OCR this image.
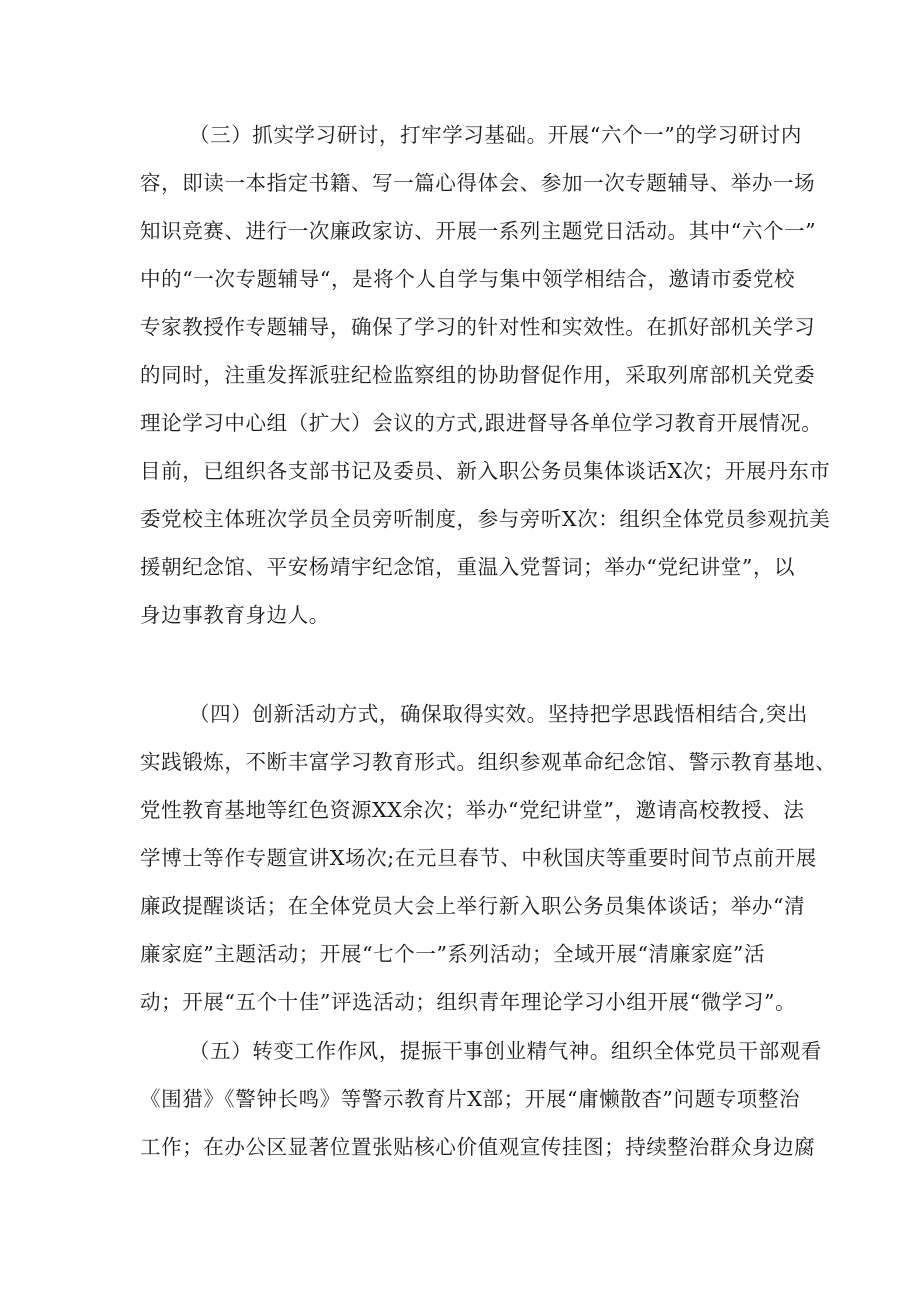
（三）抓实学习研讨，打牢学习基础。开展“六个一”的学习研讨内
容，即读一本指定书籍、写一篇心得体会、参加一次专题辅导、举办一场
知识竞赛、进行一次廉政家访、开展一系列主题党日活动。其中“六个一”
中的“一次专题辅导“，是将个人自学与集中领学相结合，邀请市委党校
专家教授作专题辅导，确保了学习的针对性和实效性。在抓好部机关学习
的同时，注重发挥派驻纪检监察组的协助督促作用，采取列席部机关党委
理论学习中心组（扩大）会议的方式,跟进督导各单位学习教育开展情况。
目前，已组织各支部书记及委员、新入职公务员集体谈话X次；开展丹东市
委党校主体班次学员全员旁听制度，参与旁听X次：组织全体党员参观抗美
援朝纪念馆、平安杨靖宇纪念馆，重温入党誓词；举办“党纪讲堂”，以
身边事教育身边人。
（四）创新活动方式，确保取得实效。坚持把学思践悟相结合,突出
实践锻炼，不断丰富学习教育形式。组织参观革命纪念馆、警示教育基地、
党性教育基地等红色资源XX余次；举办“党纪讲堂”，邀请高校教授、法
学博士等作专题宣讲X场次;在元旦春节、中秋国庆等重要时间节点前开展
廉政提醒谈话；在全体党员大会上举行新入职公务员集体谈话；举办“清
廉家庭”主题活动；开展“七个一”系列活动；全域开展“清廉家庭”活
动；开展“五个十佳”评选活动；组织青年理论学习小组开展“微学习”。
（五）转变工作作风，提振干事创业精气神。组织全体党员干部观看
《围猎》《警钟长鸣》等警示教育片X部；开展“庸懒散杳”问题专项整治
工作；在办公区显著位置张贴核心价值观宣传挂图；持续整治群众身边腐
